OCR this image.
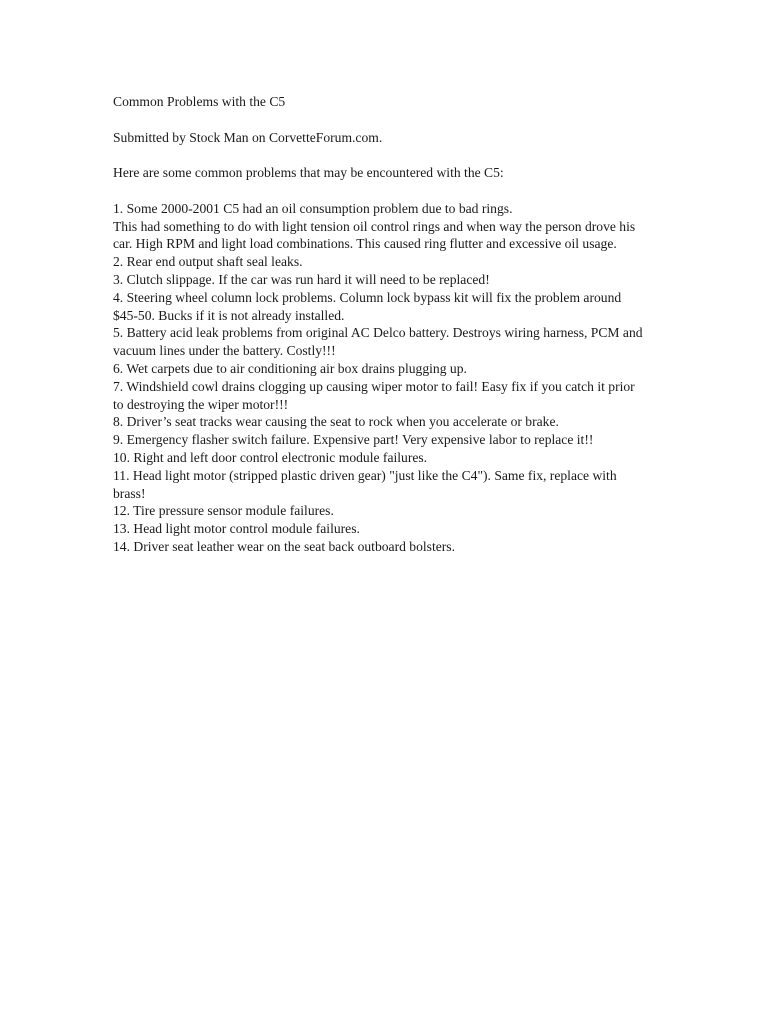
Common Problems with the C5

Submitted by Stock Man on CorvetteForum.com.

Here are some common problems that may be encountered with the C5:

1. Some 2000-2001 C5 had an oil consumption problem due to bad rings.

This had something to do with light tension oil control rings and when way the person drove his car. High RPM and light load combinations. This caused ring flutter and excessive oil usage.

2. Rear end output shaft seal leaks.

3. Clutch slippage. If the car was run hard it will need to be replaced!

4. Steering wheel column lock problems. Column lock bypass kit will fix the problem around $45-50. Bucks if it is not already installed.

5. Battery acid leak problems from original AC Delco battery. Destroys wiring harness, PCM and vacuum lines under the battery. Costly!!!

6. Wet carpets due to air conditioning air box drains plugging up.

7. Windshield cowl drains clogging up causing wiper motor to fail! Easy fix if you catch it prior to destroying the wiper motor!!!

8. Driver’s seat tracks wear causing the seat to rock when you accelerate or brake.

9. Emergency flasher switch failure. Expensive part! Very expensive labor to replace it!!

10. Right and left door control electronic module failures.

11. Head light motor (stripped plastic driven gear) "just like the C4"). Same fix, replace with brass!

12. Tire pressure sensor module failures.

13. Head light motor control module failures.

14. Driver seat leather wear on the seat back outboard bolsters.
